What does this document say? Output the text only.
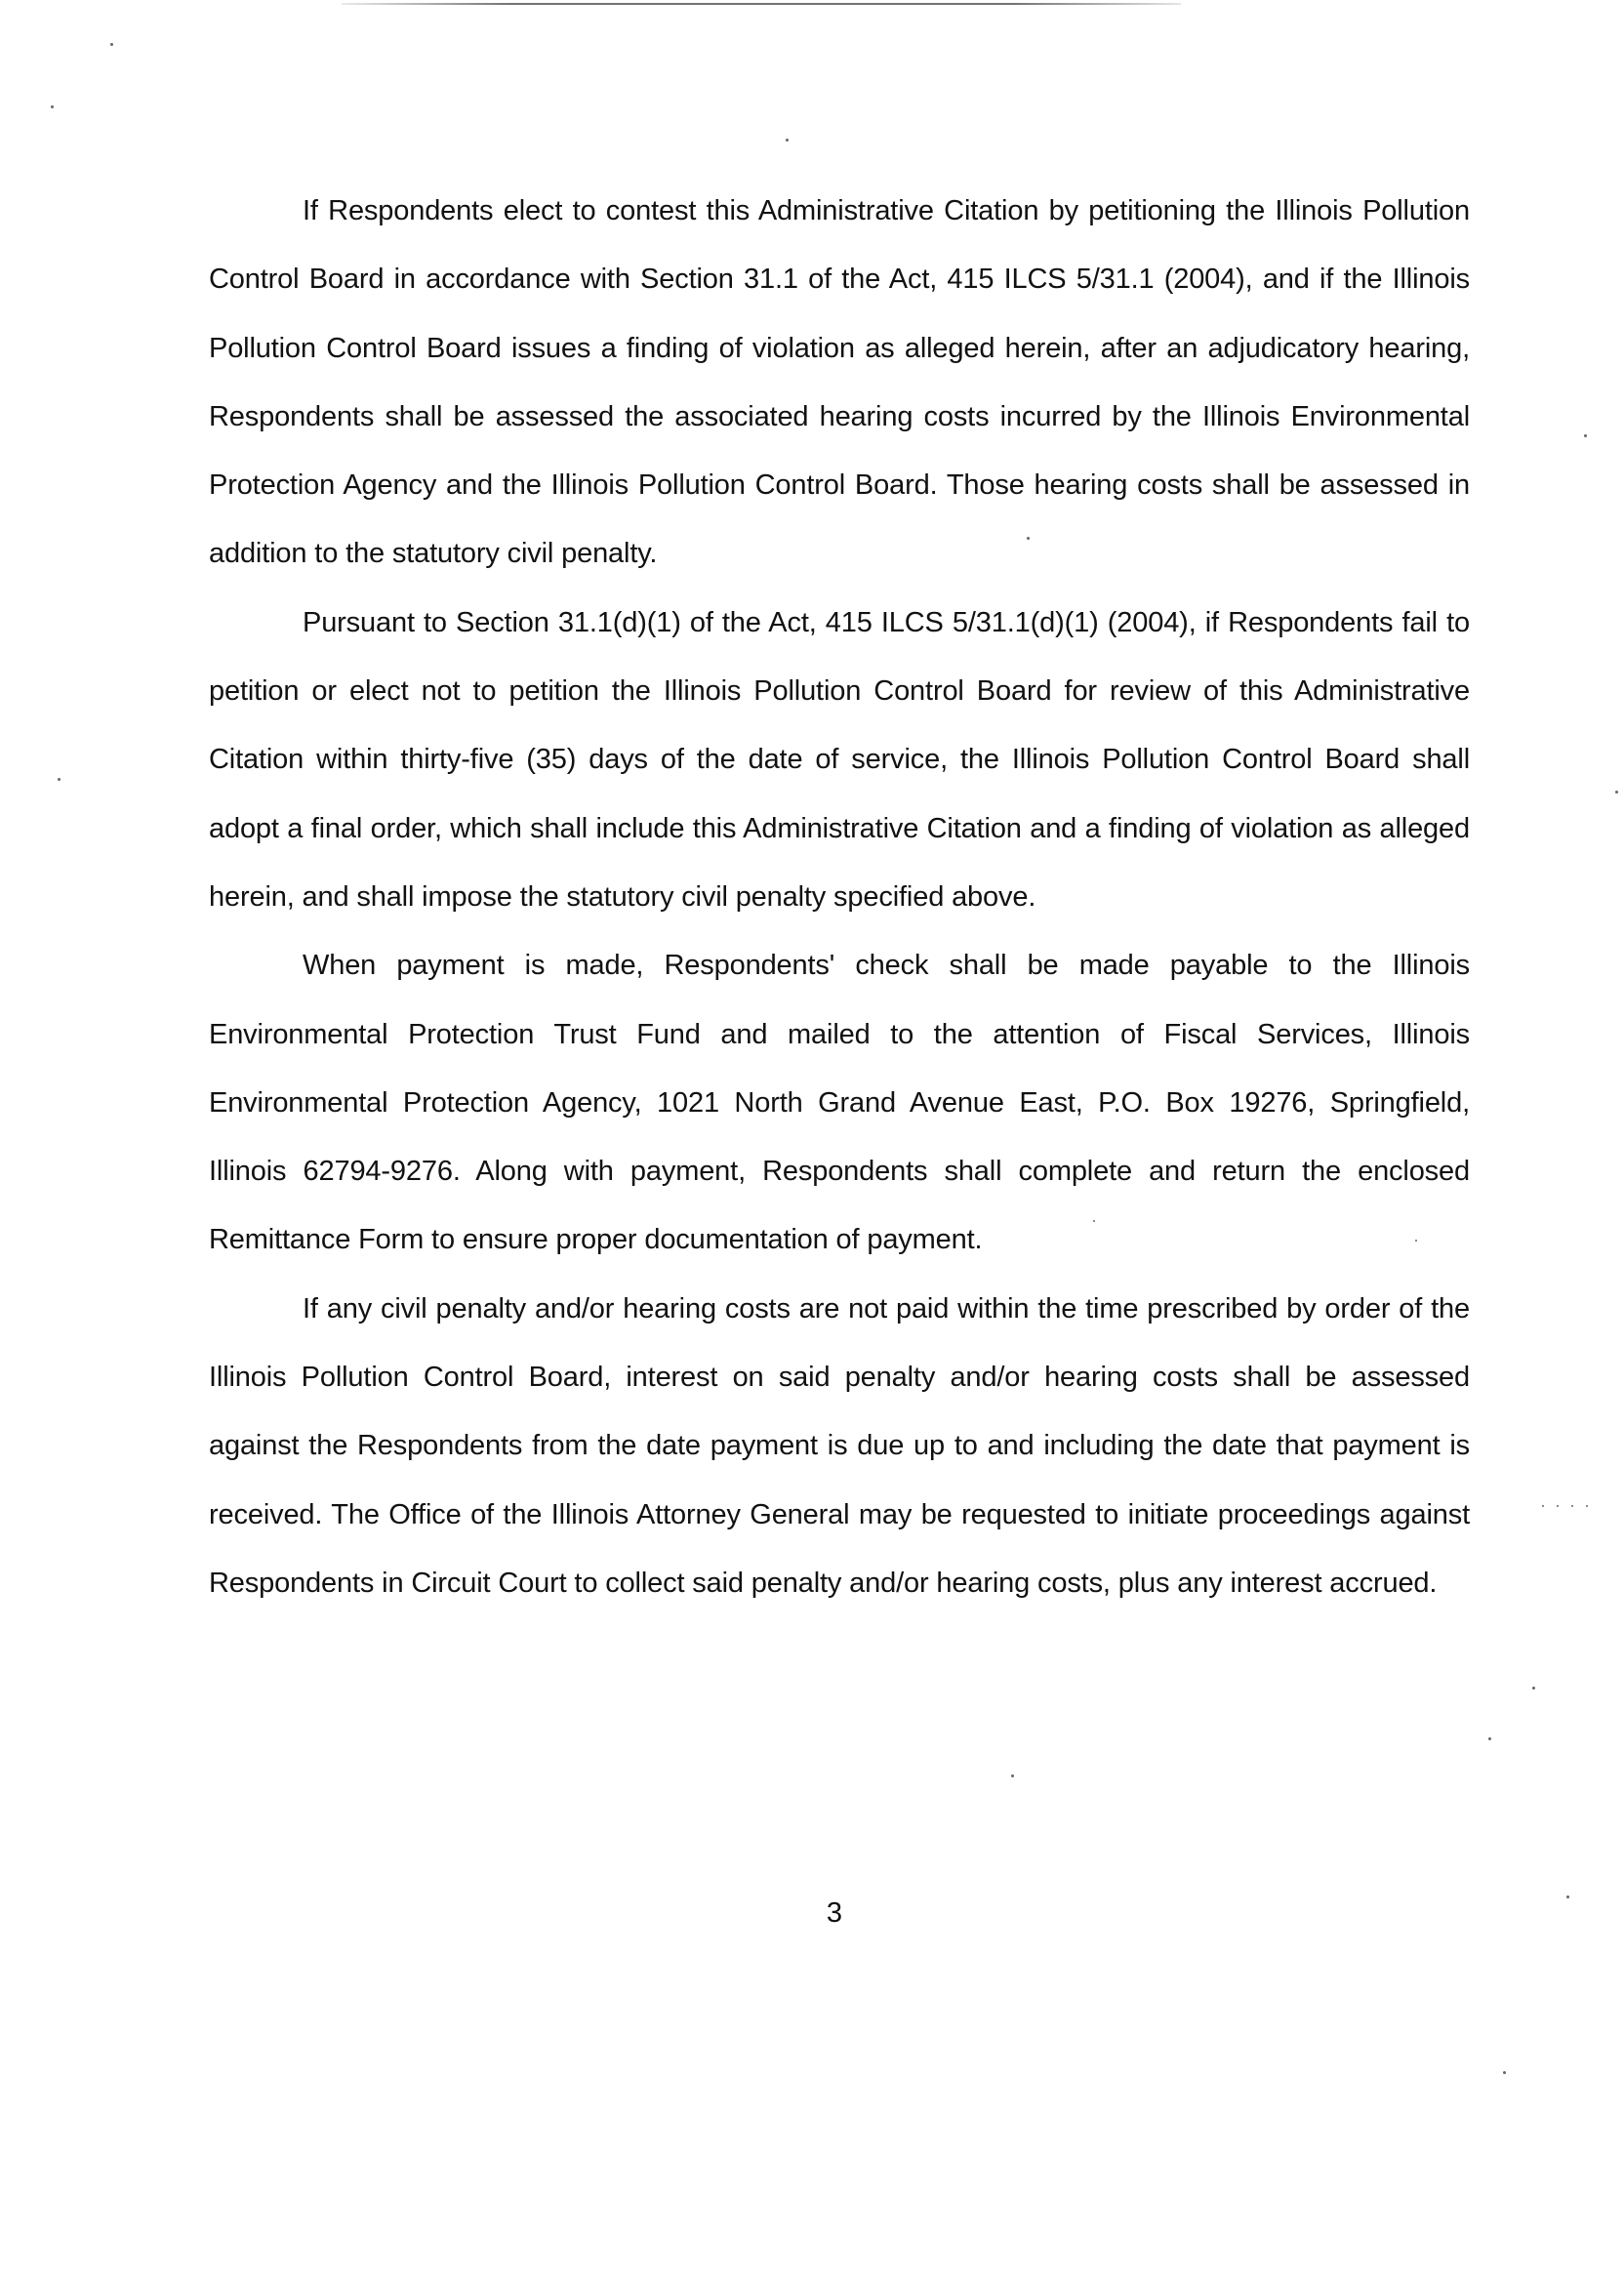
If Respondents elect to contest this Administrative Citation by petitioning the Illinois Pollution Control Board in accordance with Section 31.1 of the Act, 415 ILCS 5/31.1 (2004), and if the Illinois Pollution Control Board issues a finding of violation as alleged herein, after an adjudicatory hearing, Respondents shall be assessed the associated hearing costs incurred by the Illinois Environmental Protection Agency and the Illinois Pollution Control Board. Those hearing costs shall be assessed in addition to the statutory civil penalty.

Pursuant to Section 31.1(d)(1) of the Act, 415 ILCS 5/31.1(d)(1) (2004), if Respondents fail to petition or elect not to petition the Illinois Pollution Control Board for review of this Administrative Citation within thirty-five (35) days of the date of service, the Illinois Pollution Control Board shall adopt a final order, which shall include this Administrative Citation and a finding of violation as alleged herein, and shall impose the statutory civil penalty specified above.

When payment is made, Respondents' check shall be made payable to the Illinois Environmental Protection Trust Fund and mailed to the attention of Fiscal Services, Illinois Environmental Protection Agency, 1021 North Grand Avenue East, P.O. Box 19276, Springfield, Illinois 62794-9276. Along with payment, Respondents shall complete and return the enclosed Remittance Form to ensure proper documentation of payment.

If any civil penalty and/or hearing costs are not paid within the time prescribed by order of the Illinois Pollution Control Board, interest on said penalty and/or hearing costs shall be assessed against the Respondents from the date payment is due up to and including the date that payment is received. The Office of the Illinois Attorney General may be requested to initiate proceedings against Respondents in Circuit Court to collect said penalty and/or hearing costs, plus any interest accrued.

3
